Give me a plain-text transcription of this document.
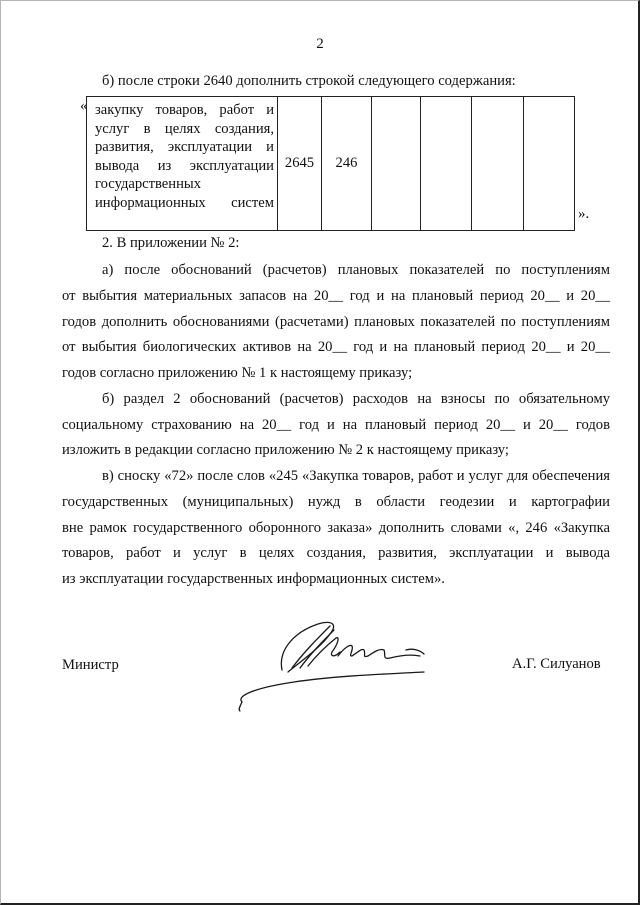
2
б) после строки 2640 дополнить строкой следующего содержания:
« закупку товаров, работ и
услуг в целях создания,
развития, эксплуатации и
вывода из эксплуатации
государственных
информационных систем
	2645	246				
».
2. В приложении № 2:
а) после обоснований (расчетов) плановых показателей по поступлениям
от выбытия материальных запасов на 20__ год и на плановый период 20__ и 20__
годов дополнить обоснованиями (расчетами) плановых показателей по поступлениям
от выбытия биологических активов на 20__ год и на плановый период 20__ и 20__
годов согласно приложению № 1 к настоящему приказу;
б) раздел 2 обоснований (расчетов) расходов на взносы по обязательному
социальному страхованию на 20__ год и на плановый период 20__ и 20__ годов
изложить в редакции согласно приложению № 2 к настоящему приказу;
в) сноску «72» после слов «245 «Закупка товаров, работ и услуг для обеспечения
государственных (муниципальных) нужд в области геодезии и картографии
вне рамок государственного оборонного заказа» дополнить словами «, 246 «Закупка
товаров, работ и услуг в целях создания, развития, эксплуатации и вывода
из эксплуатации государственных информационных систем».
Министр	А.Г. Силуанов
